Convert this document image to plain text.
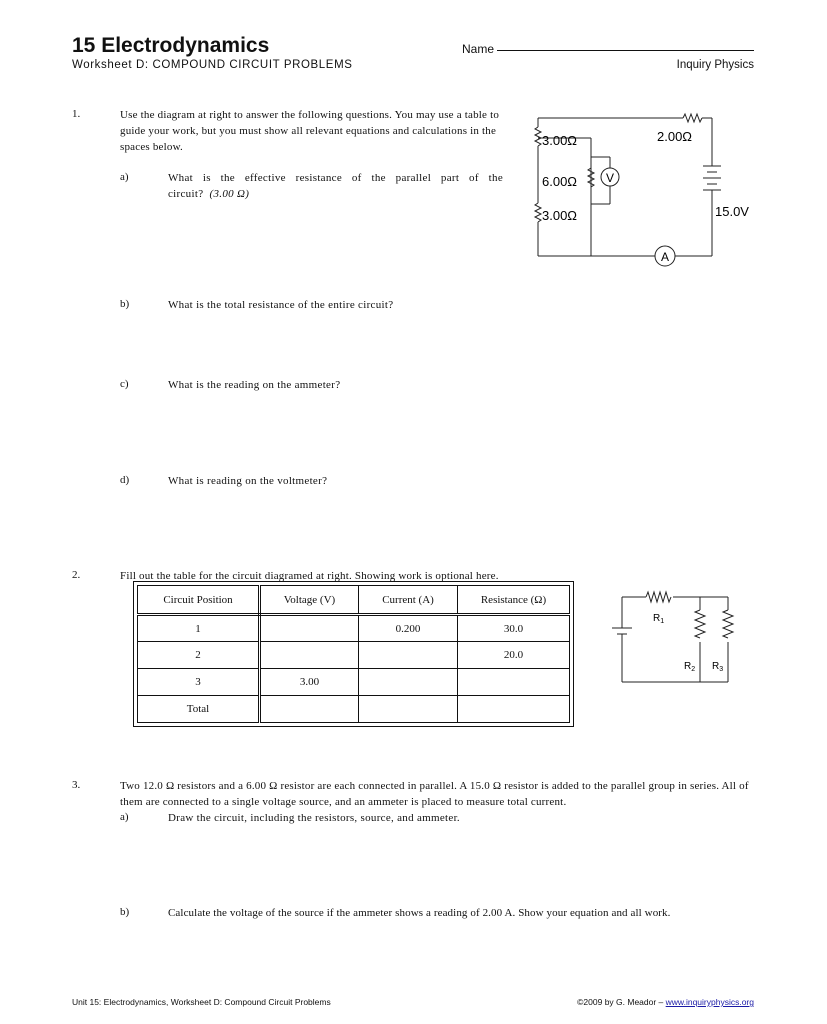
15 Electrodynamics
Worksheet D: COMPOUND CIRCUIT PROBLEMS
Name
Inquiry Physics
1.	Use the diagram at right to answer the following questions. You may use a table to guide your work, but you must show all relevant equations and calculations in the spaces below.
a)	What is the effective resistance of the parallel part of the circuit? (3.00 Ω)
b)	What is the total resistance of the entire circuit?
c)	What is the reading on the ammeter?
d)	What is reading on the voltmeter?
3.00Ω
6.00Ω
3.00Ω
2.00Ω
15.0V
V
A
2.	Fill out the table for the circuit diagramed at right. Showing work is optional here.
Circuit Position	Voltage (V)	Current (A)	Resistance (Ω)
1		0.200	30.0
2			20.0
3	3.00		
Total			
$R_1$
$R_2$ $R_3$
3.	Two 12.0 Ω resistors and a 6.00 Ω resistor are each connected in parallel. A 15.0 Ω resistor is added to the parallel group in series. All of them are connected to a single voltage source, and an ammeter is placed to measure total current.
a)	Draw the circuit, including the resistors, source, and ammeter.
b)	Calculate the voltage of the source if the ammeter shows a reading of 2.00 A. Show your equation and all work.
Unit 15: Electrodynamics, Worksheet D: Compound Circuit Problems	©2009 by G. Meador – www.inquiryphysics.org
